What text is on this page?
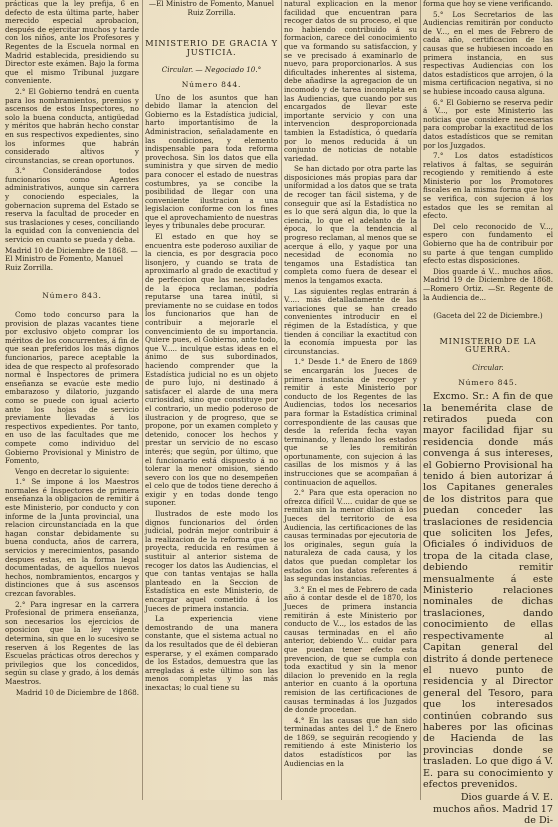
prácticas que la ley prefija, 6 en defecto de esta última parte, haber merecido especial aprobacion, después de ejercitar muchos y tarde con los niños, ante los Profesores y Regentes de la Escuela normal en Madrid establecida, presidiendo su Director este exámen. Bajo la forma que el mismo Tribunal juzgare conveniente.

2.° El Gobierno tendrá en cuenta para los nombramientos, premios y ascensos de estos Inspectores, no solo la buena conducta, antigüedad y méritos que habrán hecho constar en sus respectivos expedientes, sino los informes que habrán considerado altivos y circunstancias, se crean oportunos.

3.° Considerándose todos funcionarios como Agentes administrativos, aunque sin carrera y conociendo especiales, la gobernacion suprema del Estado se reserva la facultad de proceder en sus traslaciones y ceses, conciliando la equidad con la conveniencia del servicio en cuanto se pueda y deba.

Madrid 10 de Diciembre de 1868. —El Ministro de Fomento, Manuel Ruiz Zorrilla.

Número 843.

Como todo concurso para la provision de plazas vacantes tiene por exclusivo objeto comprar los méritos de los concurrentes, á fin de que sean preferidos los más dignos funcionarios, parece aceptable la idea de que respecto al profesorado normal é Inspectores de primera enseñanza se evacúe este medio embarazoso y dilatorio, juzgando como se puede con igual acierto ante los hojas de servicio previamente llevadas á los respectivos expedientes. Por tanto, en uso de las facultades que me compete como individuo del Gobierno Provisional y Ministro de Fomento,

Vengo en decretar lo siguiente:

1.° Se impone á los Maestros normales é Inspectores de primera enseñanza la obligacion de remitir á este Ministerio, por conducto y con informe de la Junta provincial, una relacion circunstanciada en la que hagan constar debidamente su buena conducta, años de carrera, servicios y merecimientos, pasando despues estas, en la forma legal documentadas, de aquellos nuevos hechos, nombramientos, encargos y distinciones que á sus ascensos crezcan favorables.

2.° Para ingresar en la carrera Profesional de primera enseñanza, son necesarios los ejercicios de oposicion que la ley vigente determina, sin que en lo sucesivo se reserven á los Regentes de las Escuelas prácticas otros derechos y privilegios que los concedidos, según su clase y grado, á los demás Maestros.

Madrid 10 de Diciembre de 1868.

—El Ministro de Fomento, Manuel Ruiz Zorrilla.

MINISTERIO DE GRACIA Y JUSTICIA.

Circular. — Negociado 10.°

Número 844.

Uno de los asuntos que han debido llamar la atencion del Gobierno es la Estadística judicial, harto importantísimo de la Administracion, señaladamente en las condiciones, y elemento indispensable para toda reforma provechosa. Sin los datos que ella suministra y que sirven de medio para conocer el estado de nuestras costumbres, ya se concibe la posibilidad de llegar con una conveniente ilustracion a una legislacion conforme con los fines que el aprovechamiento de nuestras leyes y tribunales debe procurar.

El estado en que hoy se encuentra este poderoso auxiliar de la ciencia, es por desgracia poco lisonjero, y cuando se trata de aproximarlo al grado de exactitud y de perfeccion que las necesidades de la época reclaman, podría reputarse una tarea inútil, si previamente no se cuidase en todos los funcionarios que han de contribuir a mejorarle el convencimiento de su importancia. Quiere pues, el Gobierno, ante todo, que V..... inculque estas ideas en el ánimo de sus subordinados, haciendo comprender que la Estadística judicial no es un objeto de puro lujo, ni destinado á satisfacer el alarde de una mera curiosidad, sino que constituye por el contrario, un medio poderoso de ilustracion y de progreso, que se propone, por un examen completo y detenido, conocer los hechos y prestar un servicio de no escaso interés; que según, por último, que el funcionario está dispuesto á no tolerar la menor omision, siendo severo con los que no desempeñen el celo que de todos tiene derecho á exigir y en todas donde tengo suponer.

Ilustrados de este modo los dignos funcionarios del órden judicial, podrán mejor contribuir á la realizacion de la reforma que se proyecta, reducida en resúmen á sustituir al anterior sistema de recoger los datos las Audiencias, el que con tantas ventajas se halla planteado en la Seccion de Estadística en este Ministerio, de encargar aquel cometido á los Jueces de primera instancia.

La experiencia viene demostrando de una manera constante, que el sistema actual no da los resultados que de él debieran esperarse, y el exámen comparado de los Estados, demuestra que las arregladas á este último son las menos completas y las más inexactas; lo cual tiene su

natural explicacion en la menor facilidad que encuentran para recoger datos de su proceso, el que no habiendo contribuido á su formacion, carece del conocimiento que va formando su satisfaccion, y se ve precisado á examinarlo de nuevo, para proporcionarlos. A sus dificultades inherentes al sistema, debe añadirse la agregacion de un incomodo y de tarea incompleta en las Audiencias, que cuando por sus encargados de llevar este importante servicio y con una intervencion desproporcionada tambien la Estadística, ó quedaría por lo menos reducida á un conjunto de noticias de notable variedad.

Se han dictado por otra parte las disposiciones más propias para dar uniformidad a los datos que se trata de recoger tan fácil sistema, y de conseguir que así la Estadística no es lo que será algun dia, lo que la ciencia, lo que el adelanto de la época, lo que la tendencia al progreso reclaman, al menos que se acerque á ello, y yaque por una necesidad de economía no tengamos una Estadística tan completa como fuera de desear el menos la tengamos exacta.

Las siguientes reglas entrarán á V..... más detalladamente de las variaciones que se han creado convenientes introducir en el régimen de la Estadística, y que tienden á conciliar la exactitud con la economía impuesta por las circunstancias.

1.° Desde 1.° de Enero de 1869 se encargarán los Jueces de primera instancia de recoger y remitir á este Ministerio por conducto de los Regentes de las Audiencias, todos los necesarios para formar la Estadística criminal correspondiente de las causas que desde la referida fecha vayan terminando, y llenando los estados que se les remitirán oportunamente, con sujecion á las casillas de los mismos y á las instrucciones que se acompañan á continuacion de aquellos.

2.° Para que esta operacion no ofrezca difícil V..... cuidar de que se remitan sin la menor dilacion á los Jueces del territorio de esa Audiencia, las certificaciones de las causas terminadas por ejecutoria de los originales, segun guía la naturaleza de cada causa, y los datos que puedan completar los estados con los datos referentes á las segundas instancias.

3.° En el mes de Febrero de cada año á contar desde el de 1870, los Jueces de primera instancia remitirán á este Ministerio por conducto de V..., los estados de las causas terminadas en el año anterior, debiendo V... cuidar para que puedan tener efecto esta prevencion, de que se cumpla con toda exactitud y sin la menor dilacion lo prevenido en la regla anterior en cuanto á la oportuna remision de las certificaciones de causas terminadas á los Juzgados de donde procedan.

4.° En las causas que han sido terminadas antes del 1.° de Enero de 1869, se seguirán recogiendo y remitiendo á este Ministerio los datos estadísticos por las Audiencias en la

forma que hoy se viene verificando.

5.° Los Secretarios de las Audiencias remitirán por conducto de V..., en el mes de Febrero de cada año, certificacion de las causas que se hubiesen incoado en primera instancia, en sus respectivas Audiencias con los datos estadísticos que arrojen, ó la misma certificacion negativa, si no se hubiese incoado causa alguna.

6.° El Gobierno se reserva pedir á V..., por este Ministerio las noticias que considere necesarias para comprobar la exactitud de los datos estadísticos que se remitan por los Juzgados.

7.° Los datos estadísticos relativos á faltas, se seguirán recogiendo y remitiendo á este Ministerio por los Promotores fiscales en la misma forma que hoy se verifica, con sujecion á los estados que les se remitan al efecto.

Del celo reconocido de V..., espero con fundamento el Gobierno que ha de contribuir por su parte á que tengan cumplido efecto estas disposiciones.

Dios guarde á V... muchos años. Madrid 19 de Diciembre de 1868. —Romero Ortiz. —Sr. Regente de la Audiencia de...

(Gaceta del 22 de Diciembre.)

MINISTERIO DE LA GUERRA.

Circular.

Número 845.

Excmo. Sr.: A fin de que la benemérita clase de retirados pueda con mayor facilidad fijar su residencia donde más convenga á sus intereses, el Gobierno Provisional ha tenido á bien autorizar á los Capitanes generales de los distritos para que puedan conceder las traslaciones de residencia que soliciten los Jefes, Oficiales ó individuos de tropa de la citada clase, debiendo remitir mensualmente á este Ministerio relaciones nominales de dichas traslaciones, dando conocimiento de ellas respectivamente al Capitan general del distrito á donde pertenece el nuevo punto de residencia y al Director general del Tesoro, para que los interesados continúen cobrando sus haberes por las oficinas de Hacienda de las provincias donde se trasladen. Lo que digo á V. E. para su conocimiento y efectos prevenidos.

Dios guarde á V. E. muchos años. Madrid 17 de Di-
